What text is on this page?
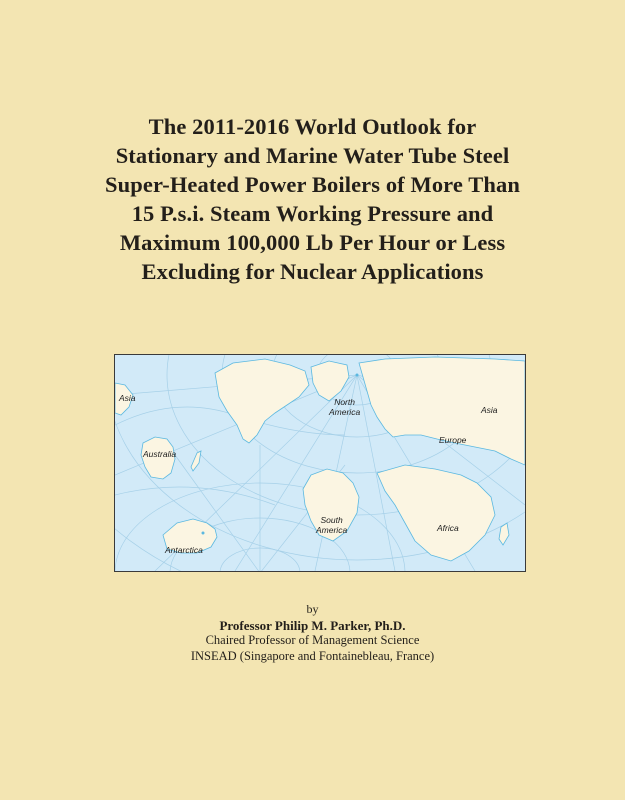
The 2011-2016 World Outlook for
Stationary and Marine Water Tube Steel
Super-Heated Power Boilers of More Than
15 P.s.i. Steam Working Pressure and
Maximum 100,000 Lb Per Hour or Less
Excluding for Nuclear Applications
Asia
Australia
Antarctica
North
America	Asia
Europe
South
America	Africa
by
Professor Philip M. Parker, Ph.D.
Chaired Professor of Management Science
INSEAD (Singapore and Fontainebleau, France)
